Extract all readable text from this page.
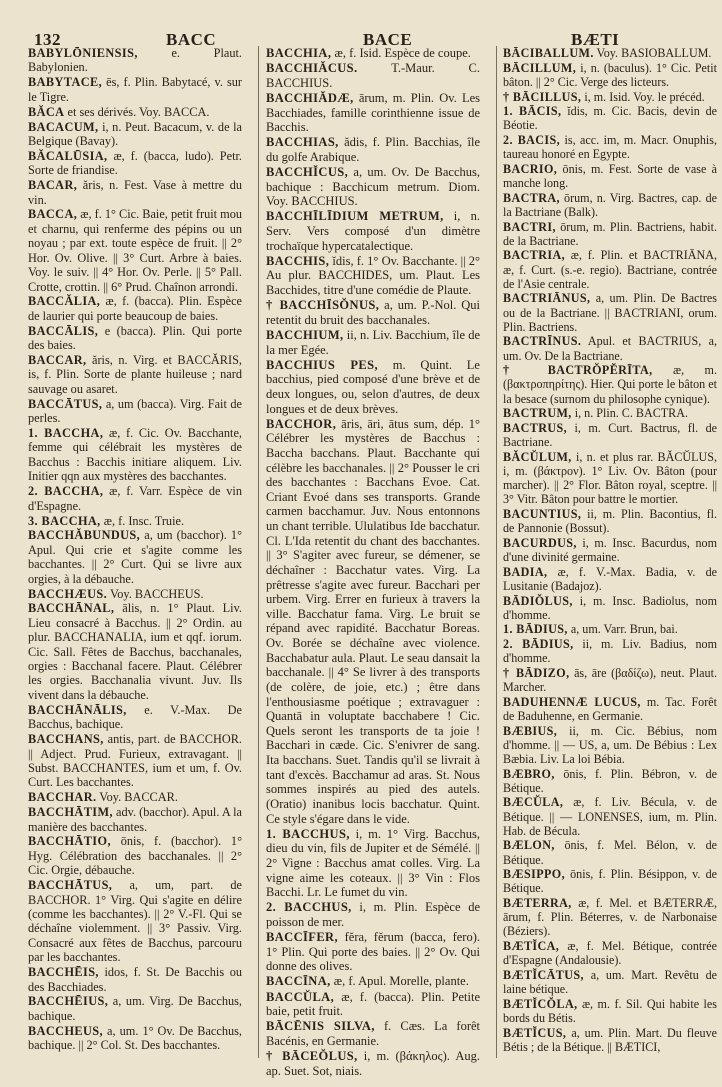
132	BACC	BACE	BÆTI
BABYLŌNIENSIS, e. Plaut. Babylonien.
BABYTACE, ēs, f. Plin. Babytacé, v. sur le Tigre.
BĂCA et ses dérivés. Voy. BACCA.
BACACUM, i, n. Peut. Bacacum, v. de la Belgique (Bavay).
BĂCALŪSIA, æ, f. (bacca, ludo). Petr. Sorte de friandise.
BACAR, ăris, n. Fest. Vase à mettre du vin.
BACCA, æ, f. 1° Cic. Baie, petit fruit mou et charnu, qui renferme des pépins ou un noyau ; par ext. toute espèce de fruit. || 2° Hor. Ov. Olive. || 3° Curt. Arbre à baies. Voy. le suiv. || 4° Hor. Ov. Perle. || 5° Pall. Crotte, crottin. || 6° Prud. Chaînon arrondi.
BACCĂLIA, æ, f. (bacca). Plin. Espèce de laurier qui porte beaucoup de baies.
BACCĀLIS, e (bacca). Plin. Qui porte des baies.
BACCAR, ăris, n. Virg. et BACCĂRIS, is, f. Plin. Sorte de plante huileuse ; nard sauvage ou asaret.
BACCĀTUS, a, um (bacca). Virg. Fait de perles.
1. BACCHA, æ, f. Cic. Ov. Bacchante, femme qui célébrait les mystères de Bacchus : Bacchis initiare aliquem. Liv. Initier qqn aux mystères des bacchantes.
2. BACCHA, æ, f. Varr. Espèce de vin d'Espagne.
3. BACCHA, æ, f. Insc. Truie.
BACCHĂBUNDUS, a, um (bacchor). 1° Apul. Qui crie et s'agite comme les bacchantes. || 2° Curt. Qui se livre aux orgies, à la débauche.
BACCHÆUS. Voy. BACCHEUS.
BACCHĀNAL, ālis, n. 1° Plaut. Liv. Lieu consacré à Bacchus. || 2° Ordin. au plur. BACCHANALIA, ium et qqf. iorum. Cic. Sall. Fêtes de Bacchus, bacchanales, orgies : Bacchanal facere. Plaut. Célébrer les orgies. Bacchanalia vivunt. Juv. Ils vivent dans la débauche.
BACCHĀNĀLIS, e. V.-Max. De Bacchus, bachique.
BACCHANS, antis, part. de BACCHOR. || Adject. Prud. Furieux, extravagant. || Subst. BACCHANTES, ium et um, f. Ov. Curt. Les bacchantes.
BACCHAR. Voy. BACCAR.
BACCHĀTIM, adv. (bacchor). Apul. A la manière des bacchantes.
BACCHĀTIO, ōnis, f. (bacchor). 1° Hyg. Célébration des bacchanales. || 2° Cic. Orgie, débauche.
BACCHĀTUS, a, um, part. de BACCHOR. 1° Virg. Qui s'agite en délire (comme les bacchantes). || 2° V.-Fl. Qui se déchaîne violemment. || 3° Passiv. Virg. Consacré aux fêtes de Bacchus, parcouru par les bacchantes.
BACCHĒIS, idos, f. St. De Bacchis ou des Bacchiades.
BACCHĒIUS, a, um. Virg. De Bacchus, bachique.
BACCHEUS, a, um. 1° Ov. De Bacchus, bachique. || 2° Col. St. Des bacchantes.
BACCHIA, æ, f. Isid. Espèce de coupe.
BACCHIĂCUS. T.-Maur. C. BACCHIUS.
BACCHIĂDÆ, ārum, m. Plin. Ov. Les Bacchiades, famille corinthienne issue de Bacchis.
BACCHIAS, ădis, f. Plin. Bacchias, île du golfe Arabique.
BACCHĬCUS, a, um. Ov. De Bacchus, bachique : Bacchicum metrum. Diom. Voy. BACCHIUS.
BACCHĪLĪDIUM METRUM, i, n. Serv. Vers composé d'un dimètre trochaïque hypercatalectique.
BACCHIS, ĭdis, f. 1° Ov. Bacchante. || 2° Au plur. BACCHIDES, um. Plaut. Les Bacchides, titre d'une comédie de Plaute.
† BACCHĪSŎNUS, a, um. P.-Nol. Qui retentit du bruit des bacchanales.
BACCHIUM, ii, n. Liv. Bacchium, île de la mer Egée.
BACCHIUS PES, m. Quint. Le bacchius, pied composé d'une brève et de deux longues, ou, selon d'autres, de deux longues et de deux brèves.
BACCHOR, āris, āri, ātus sum, dép. 1° Célébrer les mystères de Bacchus : Baccha bacchans. Plaut. Bacchante qui célèbre les bacchanales. || 2° Pousser le cri des bacchantes : Bacchans Evoe. Cat. Criant Evoé dans ses transports. Grande carmen bacchamur. Juv. Nous entonnons un chant terrible. Ululatibus Ide bacchatur. Cl. L'Ida retentit du chant des bacchantes. || 3° S'agiter avec fureur, se démener, se déchaîner : Bacchatur vates. Virg. La prêtresse s'agite avec fureur. Bacchari per urbem. Virg. Errer en furieux à travers la ville. Bacchatur fama. Virg. Le bruit se répand avec rapidité. Bacchatur Boreas. Ov. Borée se déchaîne avec violence. Bacchabatur aula. Plaut. Le seau dansait la bacchanale. || 4° Se livrer à des transports (de colère, de joie, etc.) ; être dans l'enthousiasme poétique ; extravaguer : Quantā in voluptate bacchabere ! Cic. Quels seront les transports de ta joie ! Bacchari in cæde. Cic. S'enivrer de sang. Ita bacchans. Suet. Tandis qu'il se livrait à tant d'excès. Bacchamur ad aras. St. Nous sommes inspirés au pied des autels. (Oratio) inanibus locis bacchatur. Quint. Ce style s'égare dans le vide.
1. BACCHUS, i, m. 1° Virg. Bacchus, dieu du vin, fils de Jupiter et de Sémélé. || 2° Vigne : Bacchus amat colles. Virg. La vigne aime les coteaux. || 3° Vin : Flos Bacchi. Lr. Le fumet du vin.
2. BACCHUS, i, m. Plin. Espèce de poisson de mer.
BACCĪFER, fĕra, fĕrum (bacca, fero). 1° Plin. Qui porte des baies. || 2° Ov. Qui donne des olives.
BACCĪNA, æ, f. Apul. Morelle, plante.
BACCŬLA, æ, f. (bacca). Plin. Petite baie, petit fruit.
BĀCĒNIS SILVA, f. Cæs. La forêt Bacénis, en Germanie.
† BĀCEŎLUS, i, m. (βάκηλος). Aug. ap. Suet. Sot, niais.
BĀCIBALLUM. Voy. BASIOBALLUM.
BĀCILLUM, i, n. (baculus). 1° Cic. Petit bâton. || 2° Cic. Verge des licteurs.
† BĀCILLUS, i, m. Isid. Voy. le précéd.
1. BĀCIS, ĭdis, m. Cic. Bacis, devin de Béotie.
2. BACIS, is, acc. im, m. Macr. Onuphis, taureau honoré en Egypte.
BACRIO, ōnis, m. Fest. Sorte de vase à manche long.
BACTRA, ōrum, n. Virg. Bactres, cap. de la Bactriane (Balk).
BACTRI, ōrum, m. Plin. Bactriens, habit. de la Bactriane.
BACTRIA, æ, f. Plin. et BACTRIĀNA, æ, f. Curt. (s.-e. regio). Bactriane, contrée de l'Asie centrale.
BACTRIĀNUS, a, um. Plin. De Bactres ou de la Bactriane. || BACTRIANI, orum. Plin. Bactriens.
BACTRĪNUS. Apul. et BACTRIUS, a, um. Ov. De la Bactriane.
† BACTRŎPĔRĪTA, æ, m. (βακτροπηρίτης). Hier. Qui porte le bâton et la besace (surnom du philosophe cynique).
BACTRUM, i, n. Plin. C. BACTRA.
BACTRUS, i, m. Curt. Bactrus, fl. de Bactriane.
BĂCŬLUM, i, n. et plus rar. BĂCŬLUS, i, m. (βάκτρον). 1° Liv. Ov. Bâton (pour marcher). || 2° Flor. Bâton royal, sceptre. || 3° Vitr. Bâton pour battre le mortier.
BACUNTIUS, ii, m. Plin. Bacontius, fl. de Pannonie (Bossut).
BACURDUS, i, m. Insc. Bacurdus, nom d'une divinité germaine.
BADIA, æ, f. V.-Max. Badia, v. de Lusitanie (Badajoz).
BĀDIŎLUS, i, m. Insc. Badiolus, nom d'homme.
1. BĀDIUS, a, um. Varr. Brun, bai.
2. BĀDIUS, ii, m. Liv. Badius, nom d'homme.
† BĀDIZO, ās, āre (βαδίζω), neut. Plaut. Marcher.
BADUHENNÆ LUCUS, m. Tac. Forêt de Baduhenne, en Germanie.
BÆBIUS, ii, m. Cic. Bébius, nom d'homme. || — US, a, um. De Bébius : Lex Bæbia. Liv. La loi Bébia.
BÆBRO, ōnis, f. Plin. Bébron, v. de Bétique.
BÆCŬLA, æ, f. Liv. Bécula, v. de Bétique. || — LONENSES, ium, m. Plin. Hab. de Bécula.
BÆLON, ōnis, f. Mel. Bélon, v. de Bétique.
BÆSIPPO, ōnis, f. Plin. Bésippon, v. de Bétique.
BÆTERRA, æ, f. Mel. et BÆTERRÆ, ārum, f. Plin. Béterres, v. de Narbonaise (Béziers).
BÆTĬCA, æ, f. Mel. Bétique, contrée d'Espagne (Andalousie).
BÆTĬCĀTUS, a, um. Mart. Revêtu de laine bétique.
BÆTĬCŎLA, æ, m. f. Sil. Qui habite les bords du Bétis.
BÆTĬCUS, a, um. Plin. Mart. Du fleuve Bétis ; de la Bétique. || BÆTICI,
